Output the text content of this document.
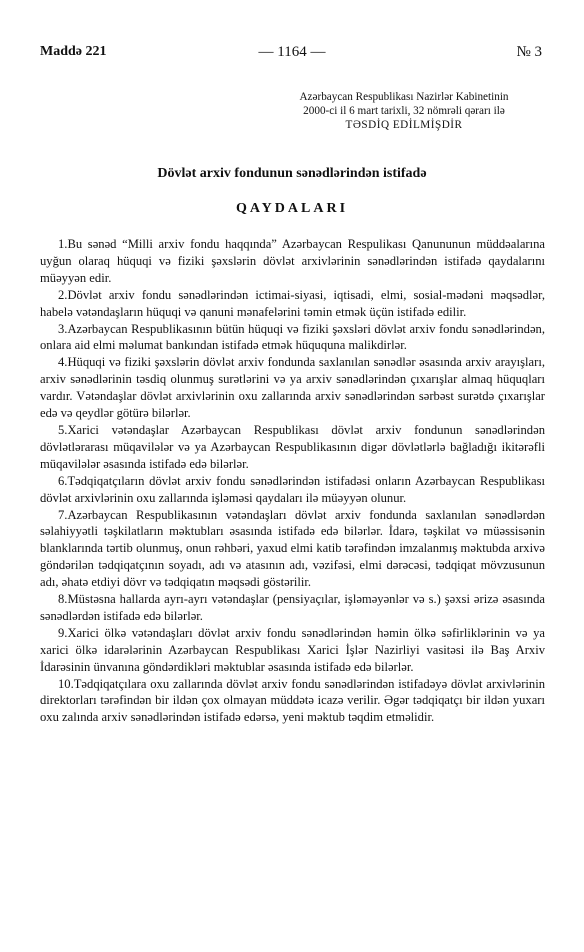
Maddə 221	— 1164 —	№ 3
Azərbaycan Respublikası Nazirlər Kabinetinin
2000-ci il 6 mart tarixli, 32 nömrəli qərarı ilə
TƏSDİQ EDİLMİŞDİR
Dövlət arxiv fondunun sənədlərindən istifadə
QAYDALARI

1.Bu sənəd “Milli arxiv fondu haqqında” Azərbaycan Respulikası Qanununun müddəalarına uyğun olaraq hüquqi və fiziki şəxslərin dövlət arxivlərinin sənədlərindən istifadə qaydalarını müəyyən edir.

2.Dövlət arxiv fondu sənədlərindən ictimai-siyasi, iqtisadi, elmi, sosial-mədəni məqsədlər, habelə vətəndaşların hüquqi və qanuni mənafelərini təmin etmək üçün istifadə edilir.

3.Azərbaycan Respublikasının bütün hüquqi və fiziki şəxsləri dövlət arxiv fondu sənədlərindən, onlara aid elmi məlumat bankından istifadə etmək hüququna malikdirlər.

4.Hüquqi və fiziki şəxslərin dövlət arxiv fondunda saxlanılan sənədlər əsasında arxiv arayışları, arxiv sənədlərinin təsdiq olunmuş surətlərini və ya arxiv sənədlərindən çıxarışlar almaq hüquqları vardır. Vətəndaşlar dövlət arxivlərinin oxu zallarında arxiv sənədlərindən sərbəst surətdə çıxarışlar edə və qeydlər götürə bilərlər.

5.Xarici vətəndaşlar Azərbaycan Respublikası dövlət arxiv fondunun sənədlərindən dövlətlərarası müqavilələr və ya Azərbaycan Respublikasının digər dövlətlərlə bağladığı ikitərəfli müqavilələr əsasında istifadə edə bilərlər.

6.Tədqiqatçıların dövlət arxiv fondu sənədlərindən istifadəsi onların Azərbaycan Respublikası dövlət arxivlərinin oxu zallarında işləməsi qaydaları ilə müəyyən olunur.

7.Azərbaycan Respublikasının vətəndaşları dövlət arxiv fondunda saxlanılan sənədlərdən səlahiyyətli təşkilatların məktubları əsasında istifadə edə bilərlər. İdarə, təşkilat və müəssisənin blanklarında tərtib olunmuş, onun rəhbəri, yaxud elmi katib tərəfindən imzalanmış məktubda arxivə göndərilən tədqiqatçının soyadı, adı və atasının adı, vəzifəsi, elmi dərəcəsi, tədqiqat mövzusunun adı, əhatə etdiyi dövr və tədqiqatın məqsədi göstərilir.

8.Müstəsna hallarda ayrı-ayrı vətəndaşlar (pensiyaçılar, işləməyənlər və s.) şəxsi ərizə əsasında sənədlərdən istifadə edə bilərlər.

9.Xarici ölkə vətəndaşları dövlət arxiv fondu sənədlərindən həmin ölkə səfirliklərinin və ya xarici ölkə idarələrinin Azərbaycan Respublikası Xarici İşlər Nazirliyi vasitəsi ilə Baş Arxiv İdarəsinin ünvanına göndərdikləri məktublar əsasında istifadə edə bilərlər.

10.Tədqiqatçılara oxu zallarında dövlət arxiv fondu sənədlərindən istifadəyə dövlət arxivlərinin direktorları tərəfindən bir ildən çox olmayan müddətə icazə verilir. Əgər tədqiqatçı bir ildən yuxarı oxu zalında arxiv sənədlərindən istifadə edərsə, yeni məktub təqdim etməlidir.
